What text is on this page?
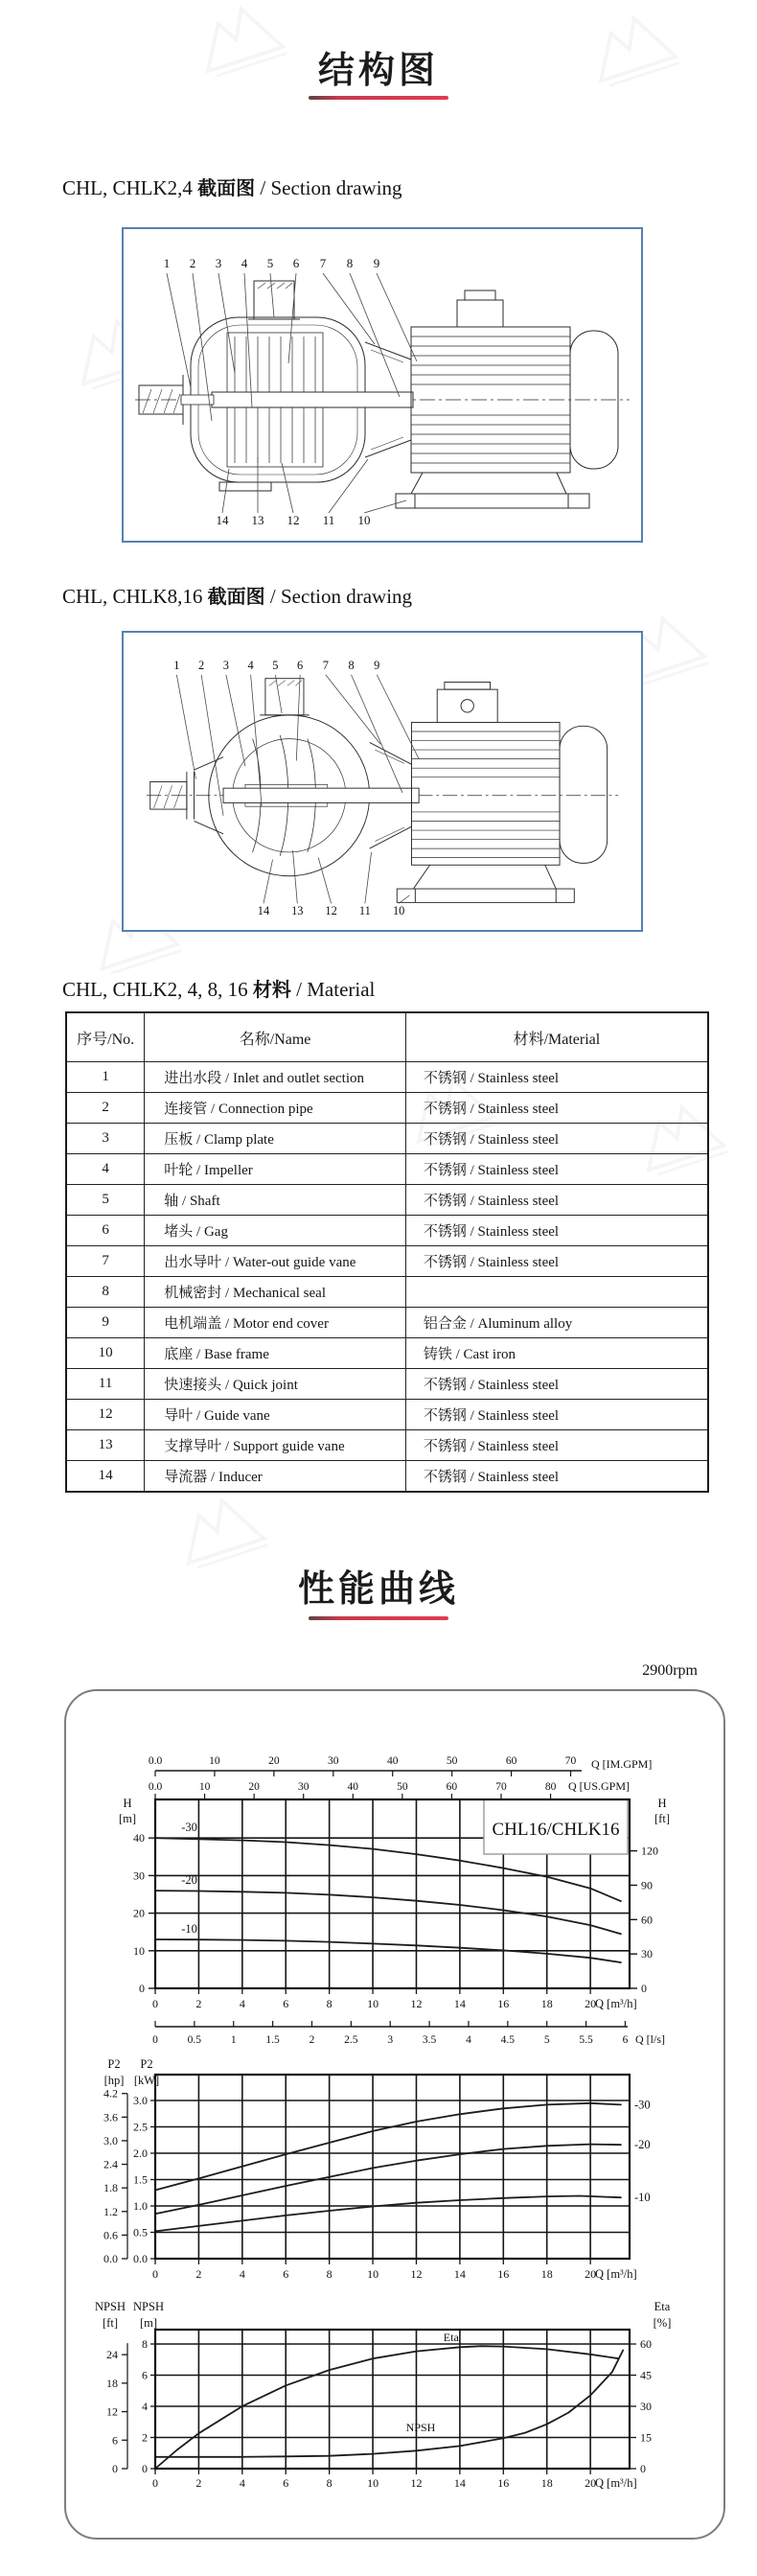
结构图
CHL, CHLK2,4 截面图 / Section drawing
1 2 3 4 5 6 7 8 9
14 13 12 11 10
CHL, CHLK8,16 截面图 / Section drawing
1 2 3 4 5 6 7 8 9
14 13 12 11 10
CHL, CHLK2, 4, 8, 16 材料 / Material
序号/No.	名称/Name	材料/Material
1	进出水段 / Inlet and outlet section	不锈钢 / Stainless steel
2	连接管 / Connection pipe	不锈钢 / Stainless steel
3	压板 / Clamp plate	不锈钢 / Stainless steel
4	叶轮 / Impeller	不锈钢 / Stainless steel
5	轴 / Shaft	不锈钢 / Stainless steel
6	堵头 / Gag	不锈钢 / Stainless steel
7	出水导叶 / Water-out guide vane	不锈钢 / Stainless steel
8	机械密封 / Mechanical seal	
9	电机端盖 / Motor end cover	铝合金 / Aluminum alloy
10	底座 / Base frame	铸铁 / Cast iron
11	快速接头 / Quick joint	不锈钢 / Stainless steel
12	导叶 / Guide vane	不锈钢 / Stainless steel
13	支撑导叶 / Support guide vane	不锈钢 / Stainless steel
14	导流器 / Inducer	不锈钢 / Stainless steel
性能曲线
2900rpm
CHL16/CHLK16
-30
-20
-10
0
10
20
30
40
H
[m]
0
30
60
90
120
H
[ft]
0	2	4	6	8	10	12	14	16	18	20
Q [m³/h]
0.0	10	20	30	40	50	60	70	80 Q [US.GPM]
0.0	10	20	30	40	50	60	70 Q [IM.GPM]
0	0.5	1	1.5	2	2.5	3	3.5	4	4.5	5	5.5	6 Q [l/s]
-30
-20
-10
0.0
0.5
1.0
1.5
2.0
2.5
3.0
0.0
0.6
1.2
1.8
2.4
3.0
3.6
4.2
P2
[hp]
P2
[kW]
0	2	4	6	8	10	12	14	16	18	20
Q [m³/h]
Eta
NPSH
0
2
4
6
8
0
6
12
18
24
0
15
30
45
60
NPSH
[ft]
NPSH
[m]
Eta
[%]
0	2	4	6	8	10	12	14	16	18	20
Q [m³/h]
